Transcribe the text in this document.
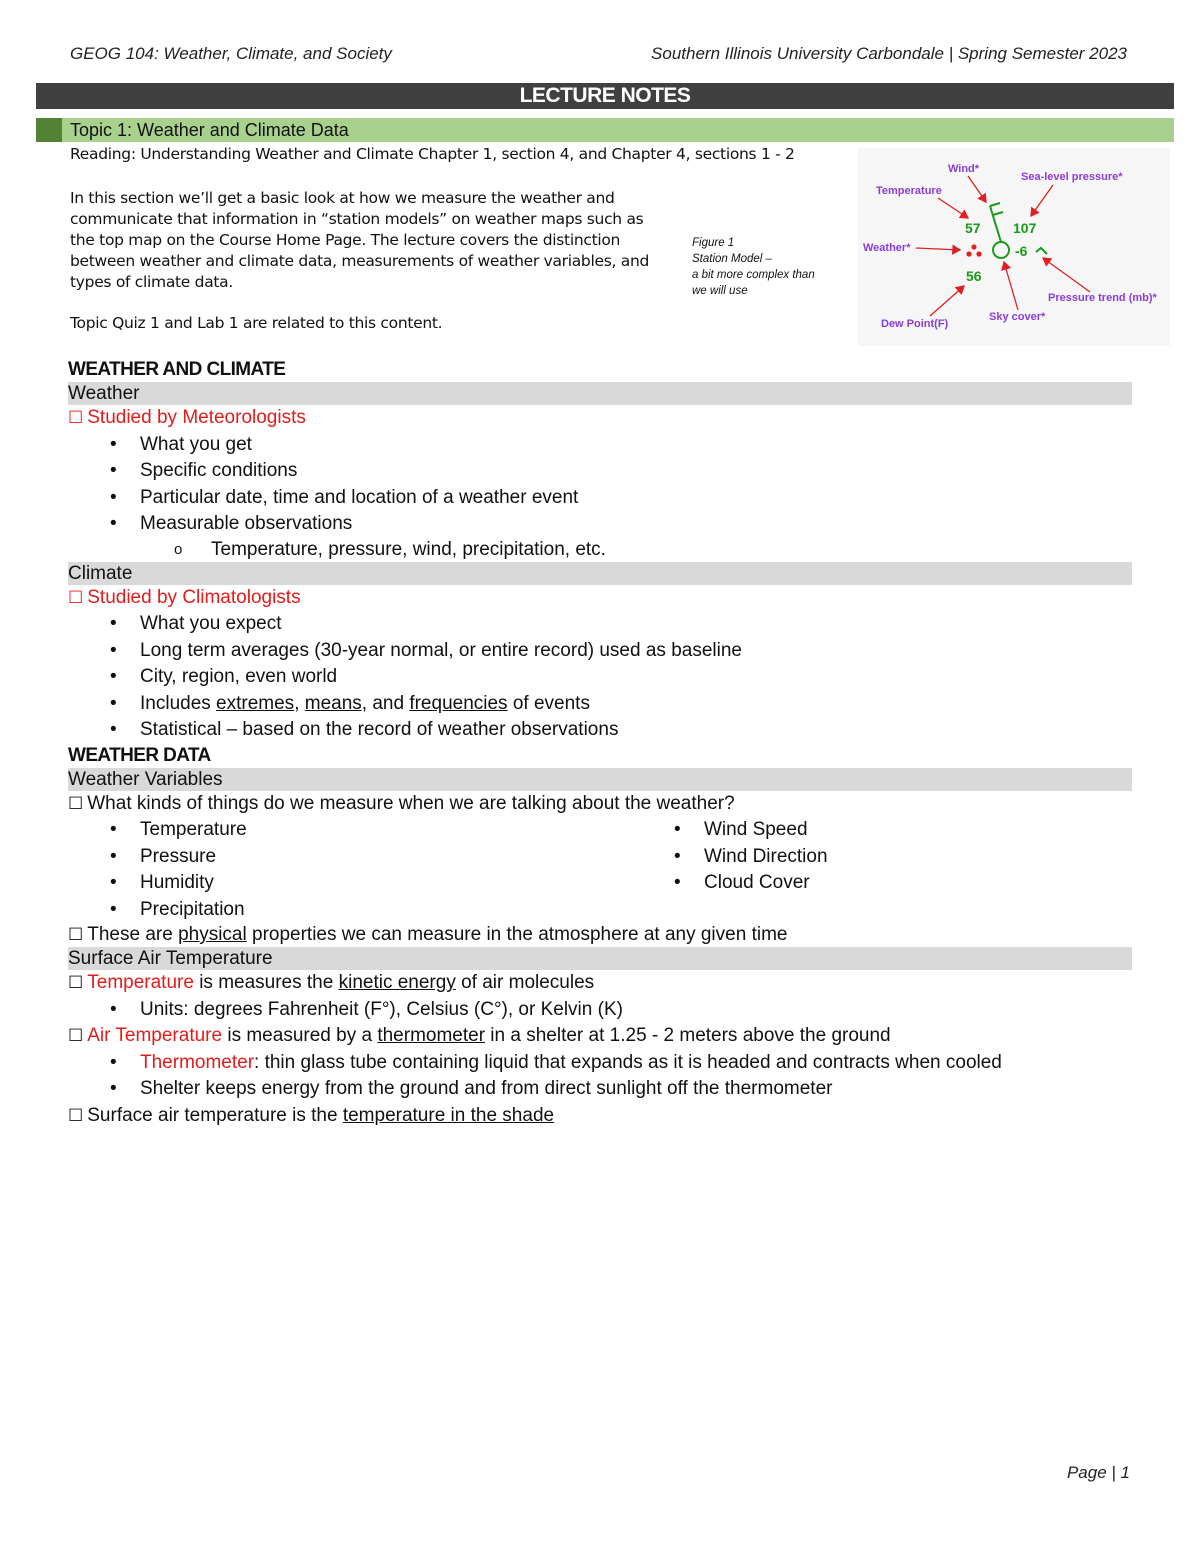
GEOG 104: Weather, Climate, and Society	Southern Illinois University Carbondale | Spring Semester 2023
LECTURE NOTES
Topic 1: Weather and Climate Data
Reading: Understanding Weather and Climate Chapter 1, section 4, and Chapter 4, sections 1 - 2
In this section we’ll get a basic look at how we measure the weather and communicate that information in “station models” on weather maps such as the top map on the Course Home Page. The lecture covers the distinction between weather and climate data, measurements of weather variables, and types of climate data.
Topic Quiz 1 and Lab 1 are related to this content.
Figure 1
Station Model –
a bit more complex than
we will use
Wind*
Temperature
Sea-level pressure*
Weather*
Pressure trend (mb)*
Dew Point(F)
Sky cover*
57 107
56
-6
WEATHER AND CLIMATE
Weather
☐ Studied by Meteorologists
• What you get
• Specific conditions
• Particular date, time and location of a weather event
• Measurable observations
o Temperature, pressure, wind, precipitation, etc.
Climate
☐ Studied by Climatologists
• What you expect
• Long term averages (30-year normal, or entire record) used as baseline
• City, region, even world
• Includes extremes, means, and frequencies of events
• Statistical – based on the record of weather observations
WEATHER DATA
Weather Variables
☐ What kinds of things do we measure when we are talking about the weather?
• Temperature
• Pressure
• Humidity
• Precipitation
• Wind Speed
• Wind Direction
• Cloud Cover
☐ These are physical properties we can measure in the atmosphere at any given time
Surface Air Temperature
☐ Temperature is measures the kinetic energy of air molecules
• Units: degrees Fahrenheit (F°), Celsius (C°), or Kelvin (K)
☐ Air Temperature is measured by a thermometer in a shelter at 1.25 - 2 meters above the ground
• Thermometer: thin glass tube containing liquid that expands as it is headed and contracts when cooled
• Shelter keeps energy from the ground and from direct sunlight off the thermometer
☐ Surface air temperature is the temperature in the shade
Page | 1
